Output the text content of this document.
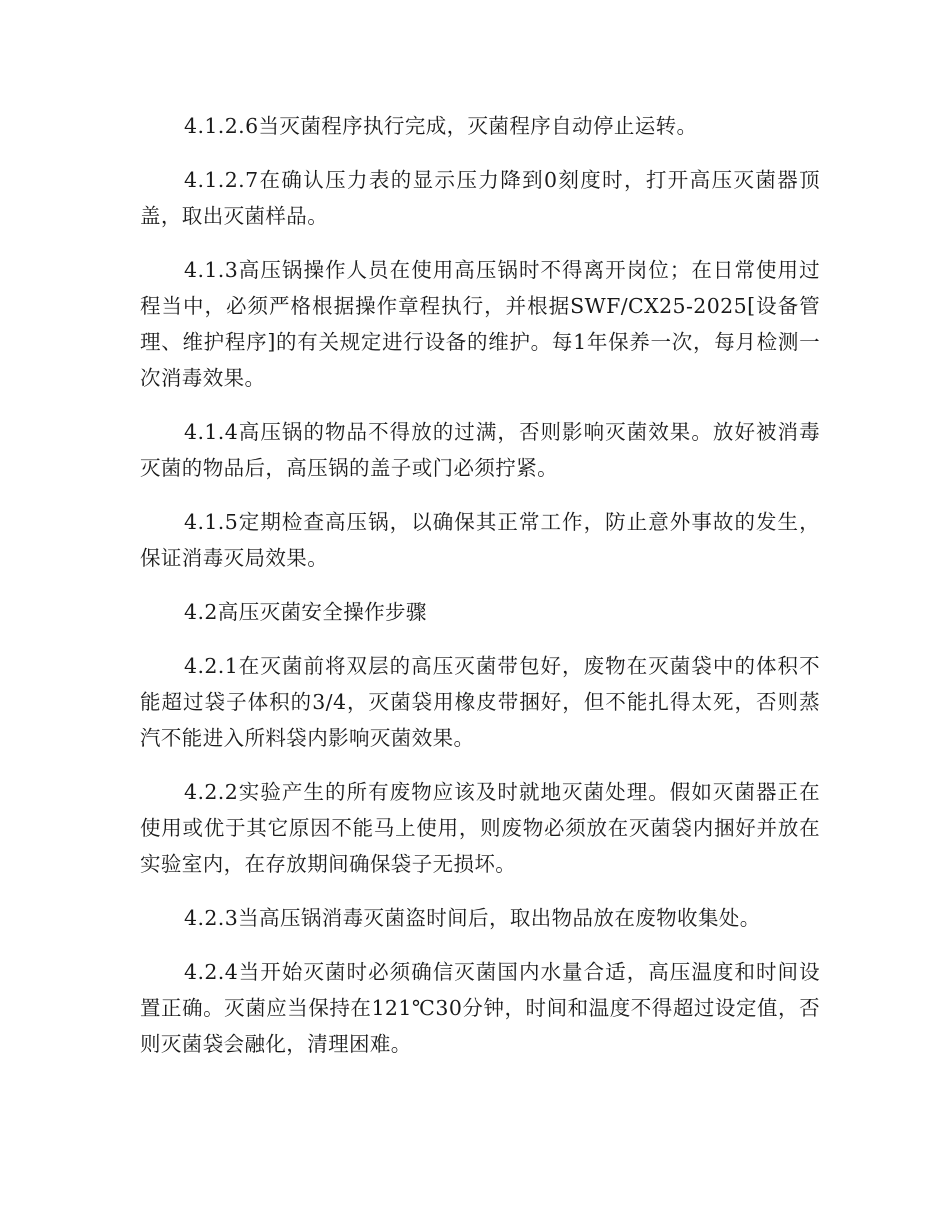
4.1.2.6当灭菌程序执行完成，灭菌程序自动停止运转。

4.1.2.7在确认压力表的显示压力降到0刻度时，打开高压灭菌器顶盖，取出灭菌样品。

4.1.3高压锅操作人员在使用高压锅时不得离开岗位；在日常使用过程当中，必须严格根据操作章程执行，并根据SWF/CX25-2025[设备管理、维护程序]的有关规定进行设备的维护。每1年保养一次，每月检测一次消毒效果。

4.1.4高压锅的物品不得放的过满，否则影响灭菌效果。放好被消毒灭菌的物品后，高压锅的盖子或门必须拧紧。

4.1.5定期检查高压锅，以确保其正常工作，防止意外事故的发生，保证消毒灭局效果。

4.2高压灭菌安全操作步骤

4.2.1在灭菌前将双层的高压灭菌带包好，废物在灭菌袋中的体积不能超过袋子体积的3/4，灭菌袋用橡皮带捆好，但不能扎得太死，否则蒸汽不能进入所料袋内影响灭菌效果。

4.2.2实验产生的所有废物应该及时就地灭菌处理。假如灭菌器正在使用或优于其它原因不能马上使用，则废物必须放在灭菌袋内捆好并放在实验室内，在存放期间确保袋子无损坏。

4.2.3当高压锅消毒灭菌盗时间后，取出物品放在废物收集处。

4.2.4当开始灭菌时必须确信灭菌国内水量合适，高压温度和时间设置正确。灭菌应当保持在121℃30分钟，时间和温度不得超过设定值，否则灭菌袋会融化，清理困难。
